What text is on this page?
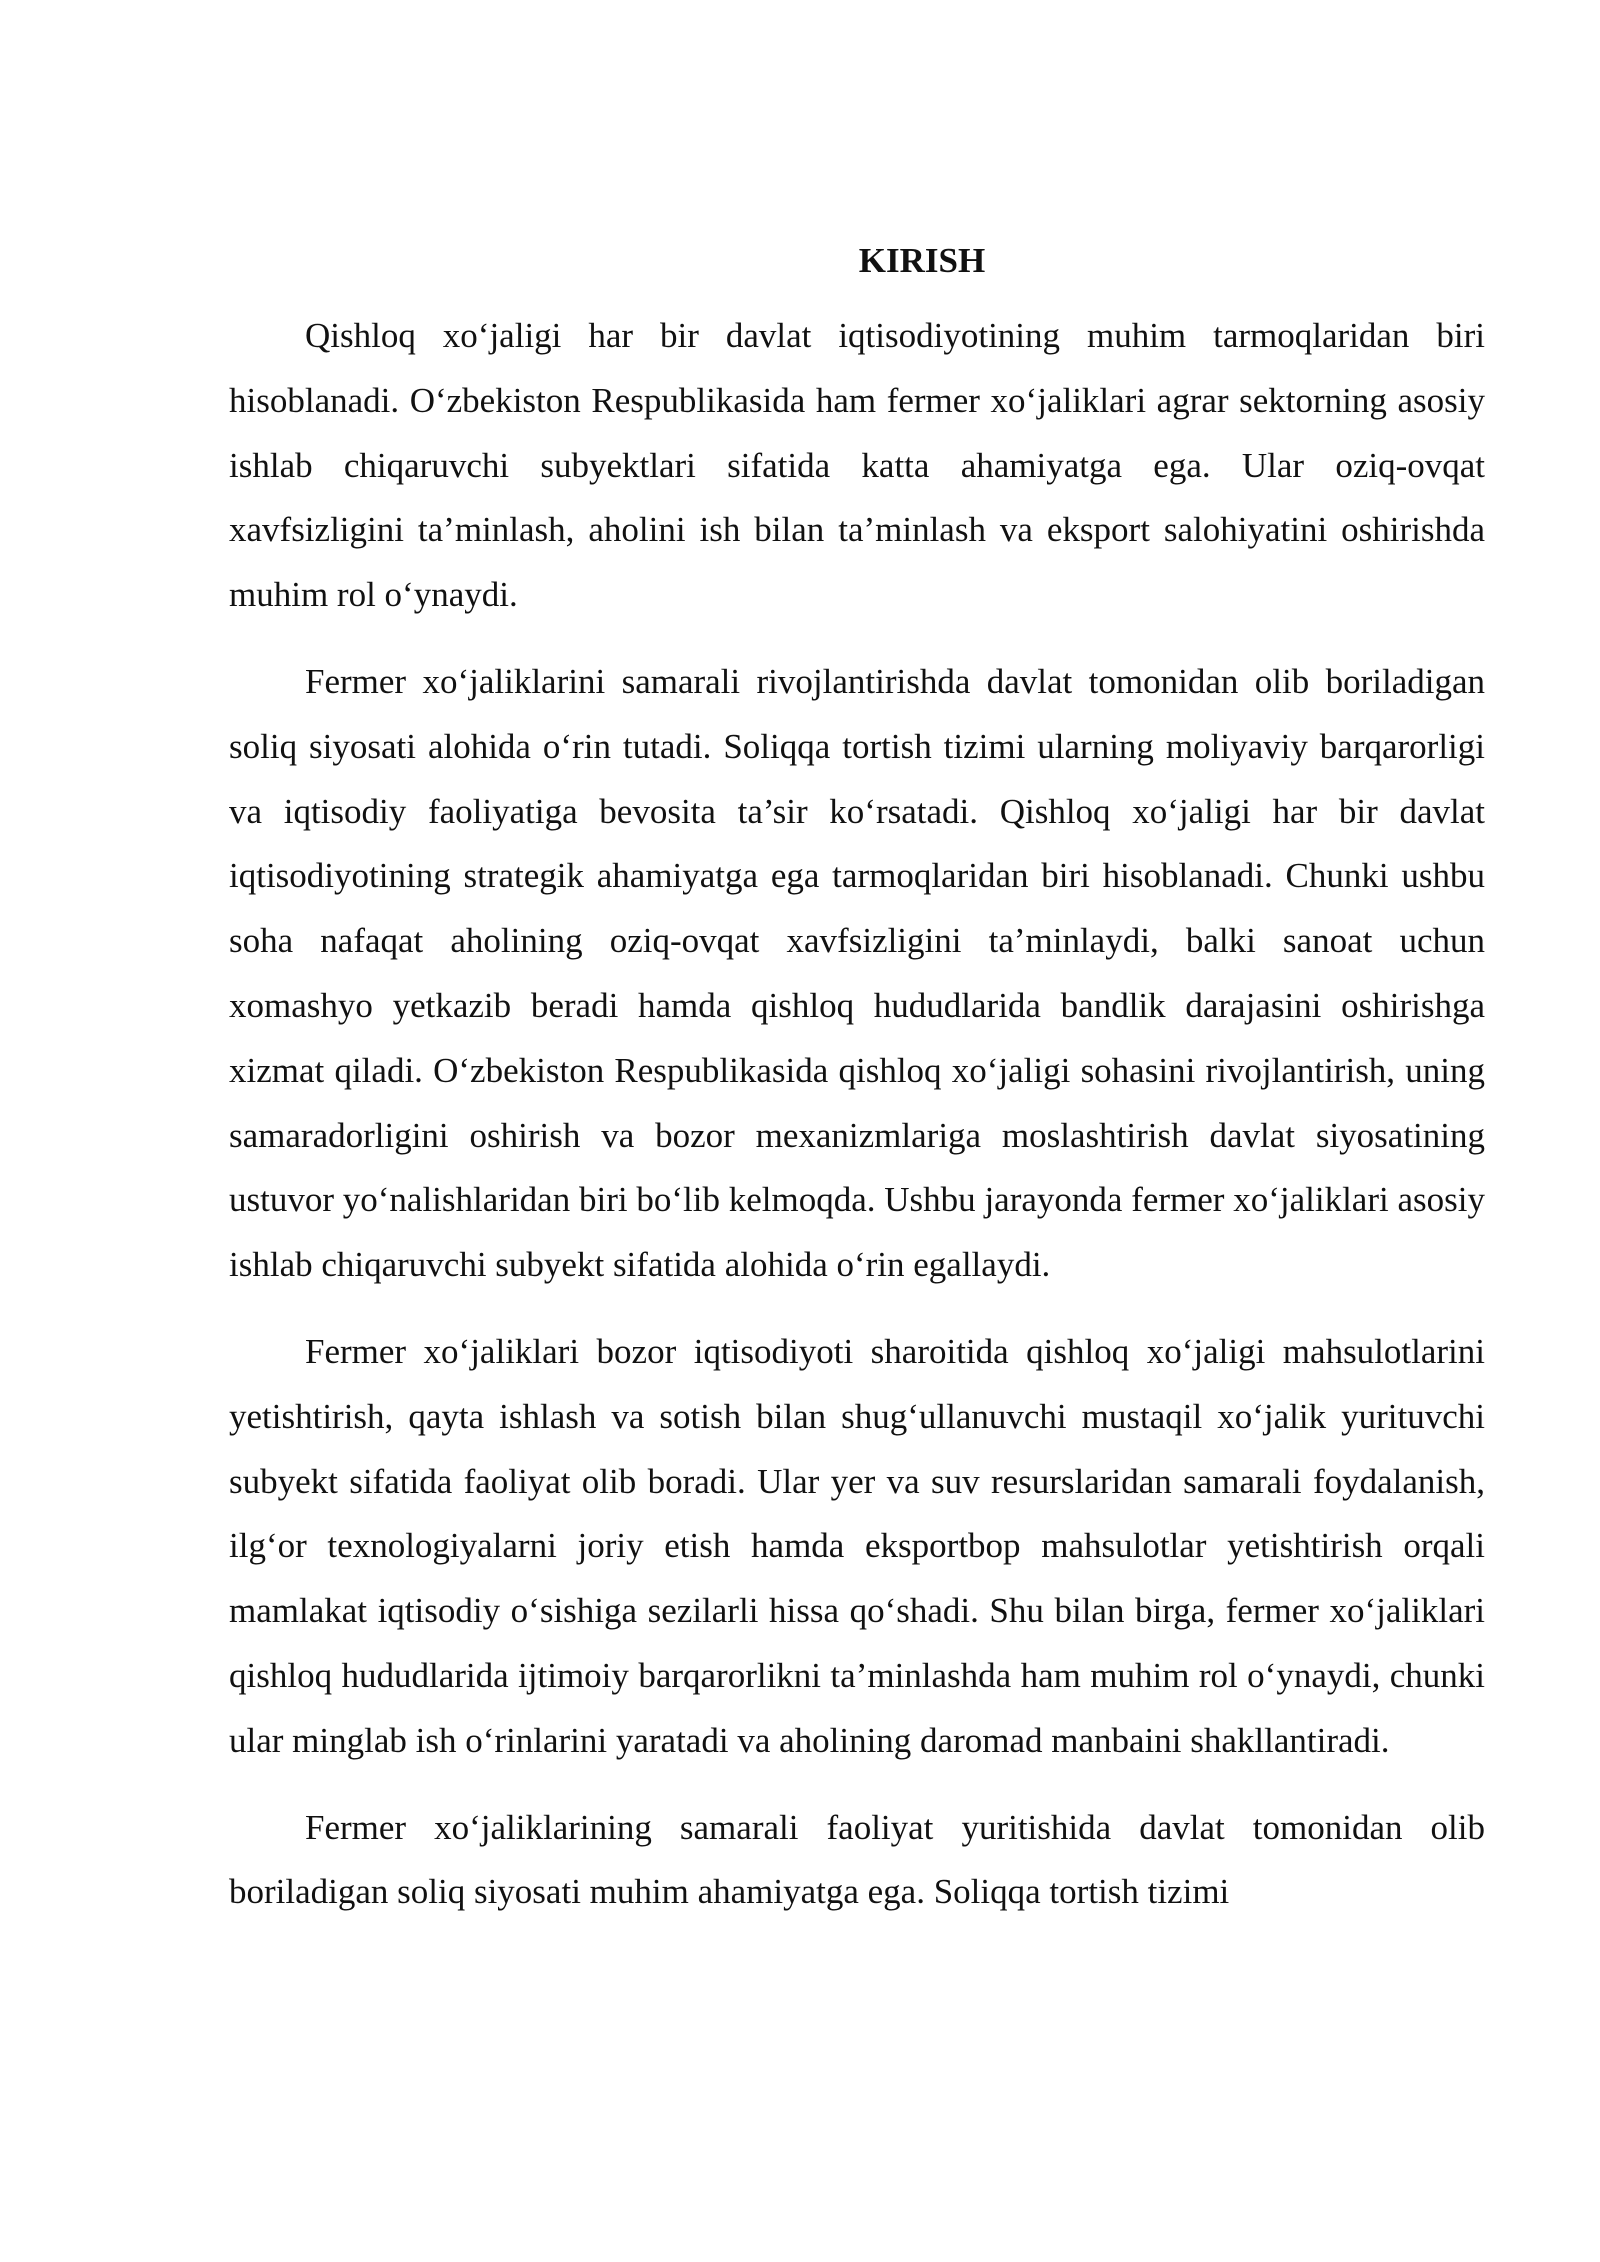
KIRISH

Qishloq xo‘jaligi har bir davlat iqtisodiyotining muhim tarmoqlaridan biri hisoblanadi. O‘zbekiston Respublikasida ham fermer xo‘jaliklari agrar sektorning asosiy ishlab chiqaruvchi subyektlari sifatida katta ahamiyatga ega. Ular oziq-ovqat xavfsizligini ta’minlash, aholini ish bilan ta’minlash va eksport salohiyatini oshirishda muhim rol o‘ynaydi.

Fermer xo‘jaliklarini samarali rivojlantirishda davlat tomonidan olib boriladigan soliq siyosati alohida o‘rin tutadi. Soliqqa tortish tizimi ularning moliyaviy barqarorligi va iqtisodiy faoliyatiga bevosita ta’sir ko‘rsatadi. Qishloq xo‘jaligi har bir davlat iqtisodiyotining strategik ahamiyatga ega tarmoqlaridan biri hisoblanadi. Chunki ushbu soha nafaqat aholining oziq-ovqat xavfsizligini ta’minlaydi, balki sanoat uchun xomashyo yetkazib beradi hamda qishloq hududlarida bandlik darajasini oshirishga xizmat qiladi. O‘zbekiston Respublikasida qishloq xo‘jaligi sohasini rivojlantirish, uning samaradorligini oshirish va bozor mexanizmlariga moslashtirish davlat siyosatining ustuvor yo‘nalishlaridan biri bo‘lib kelmoqda. Ushbu jarayonda fermer xo‘jaliklari asosiy ishlab chiqaruvchi subyekt sifatida alohida o‘rin egallaydi.

Fermer xo‘jaliklari bozor iqtisodiyoti sharoitida qishloq xo‘jaligi mahsulotlarini yetishtirish, qayta ishlash va sotish bilan shug‘ullanuvchi mustaqil xo‘jalik yurituvchi subyekt sifatida faoliyat olib boradi. Ular yer va suv resurslaridan samarali foydalanish, ilg‘or texnologiyalarni joriy etish hamda eksportbop mahsulotlar yetishtirish orqali mamlakat iqtisodiy o‘sishiga sezilarli hissa qo‘shadi. Shu bilan birga, fermer xo‘jaliklari qishloq hududlarida ijtimoiy barqarorlikni ta’minlashda ham muhim rol o‘ynaydi, chunki ular minglab ish o‘rinlarini yaratadi va aholining daromad manbaini shakllantiradi.

Fermer xo‘jaliklarining samarali faoliyat yuritishida davlat tomonidan olib boriladigan soliq siyosati muhim ahamiyatga ega. Soliqqa tortish tizimi
